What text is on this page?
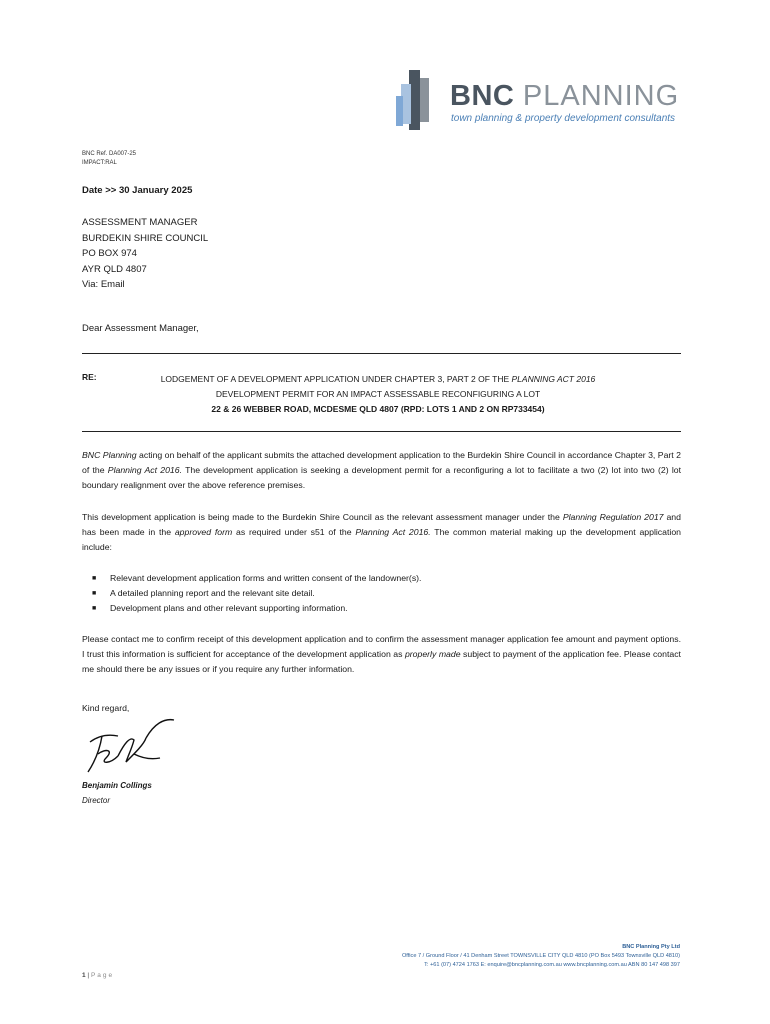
BNC PLANNING
town planning & property development consultants
BNC Ref. DA007-25
IMPACT:RAL
Date >> 30 January 2025
ASSESSMENT MANAGER
BURDEKIN SHIRE COUNCIL
PO BOX 974
AYR QLD 4807
Via: Email
Dear Assessment Manager,
RE:	LODGEMENT OF A DEVELOPMENT APPLICATION UNDER CHAPTER 3, PART 2 OF THE PLANNING ACT 2016
DEVELOPMENT PERMIT FOR AN IMPACT ASSESSABLE RECONFIGURING A LOT
22 & 26 WEBBER ROAD, MCDESME QLD 4807 (RPD: LOTS 1 AND 2 ON RP733454)
BNC Planning acting on behalf of the applicant submits the attached development application to the Burdekin Shire Council in accordance Chapter 3, Part 2 of the Planning Act 2016. The development application is seeking a development permit for a reconfiguring a lot to facilitate a two (2) lot into two (2) lot boundary realignment over the above reference premises.
This development application is being made to the Burdekin Shire Council as the relevant assessment manager under the Planning Regulation 2017 and has been made in the approved form as required under s51 of the Planning Act 2016. The common material making up the development application include:
■	Relevant development application forms and written consent of the landowner(s).
■	A detailed planning report and the relevant site detail.
■	Development plans and other relevant supporting information.
Please contact me to confirm receipt of this development application and to confirm the assessment manager application fee amount and payment options. I trust this information is sufficient for acceptance of the development application as properly made subject to payment of the application fee. Please contact me should there be any issues or if you require any further information.
Kind regard,
Benjamin Collings
Director
BNC Planning Pty Ltd
Office 7 / Ground Floor / 41 Denham Street TOWNSVILLE CITY QLD 4810 (PO Box 5493 Townsville QLD 4810)
T: +61 (07) 4724 1763 E: enquire@bncplanning.com.au www.bncplanning.com.au ABN 80 147 498 397
1 | Page
